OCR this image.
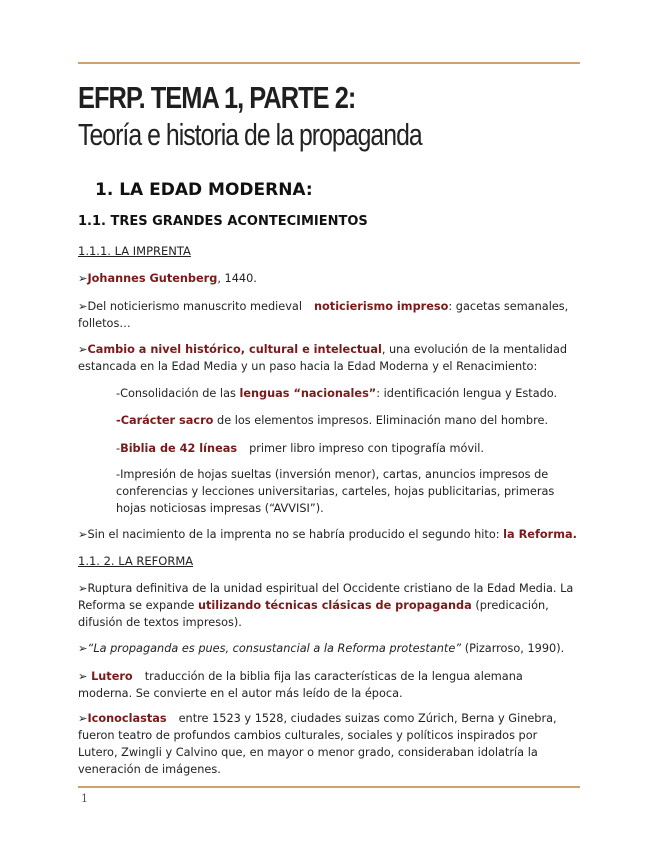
EFRP. TEMA 1, PARTE 2:
Teoría e historia de la propaganda
1. LA EDAD MODERNA:
1.1. TRES GRANDES ACONTECIMIENTOS
1.1.1. LA IMPRENTA
➢Johannes Gutenberg, 1440.
➢Del noticierismo manuscrito medieval noticierismo impreso: gacetas semanales, folletos…
➢Cambio a nivel histórico, cultural e intelectual, una evolución de la mentalidad estancada en la Edad Media y un paso hacia la Edad Moderna y el Renacimiento:
-Consolidación de las lenguas “nacionales”: identificación lengua y Estado.
-Carácter sacro de los elementos impresos. Eliminación mano del hombre.
-Biblia de 42 líneas primer libro impreso con tipografía móvil.
-Impresión de hojas sueltas (inversión menor), cartas, anuncios impresos de conferencias y lecciones universitarias, carteles, hojas publicitarias, primeras hojas noticiosas impresas (“AVVISI”).
➢Sin el nacimiento de la imprenta no se habría producido el segundo hito: la Reforma.
1.1. 2. LA REFORMA
➢Ruptura definitiva de la unidad espiritual del Occidente cristiano de la Edad Media. La Reforma se expande utilizando técnicas clásicas de propaganda (predicación, difusión de textos impresos).
➢“La propaganda es pues, consustancial a la Reforma protestante” (Pizarroso, 1990).
➢ Lutero traducción de la biblia fija las características de la lengua alemana moderna. Se convierte en el autor más leído de la época.
➢Iconoclastas entre 1523 y 1528, ciudades suizas como Zúrich, Berna y Ginebra, fueron teatro de profundos cambios culturales, sociales y políticos inspirados por Lutero, Zwingli y Calvino que, en mayor o menor grado, consideraban idolatría la veneración de imágenes.
1
